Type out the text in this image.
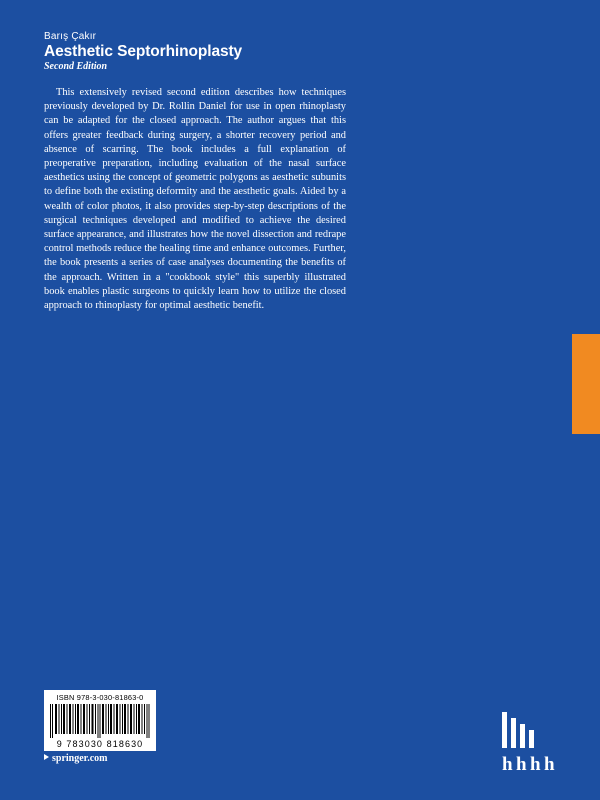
Barış Çakır
Aesthetic Septorhinoplasty
Second Edition
This extensively revised second edition describes how techniques previously developed by Dr. Rollin Daniel for use in open rhinoplasty can be adapted for the closed approach. The author argues that this offers greater feedback during surgery, a shorter recovery period and absence of scarring. The book includes a full explanation of preoperative preparation, including evaluation of the nasal surface aesthetics using the concept of geometric polygons as aesthetic subunits to define both the existing deformity and the aesthetic goals. Aided by a wealth of color photos, it also provides step-by-step descriptions of the surgical techniques developed and modified to achieve the desired surface appearance, and illustrates how the novel dissection and redrape control methods reduce the healing time and enhance outcomes. Further, the book presents a series of case analyses documenting the benefits of the approach. Written in a "cookbook style" this superbly illustrated book enables plastic surgeons to quickly learn how to utilize the closed approach to rhinoplasty for optimal aesthetic benefit.
ISBN 978-3-030-81863-0
9 783030 818630
springer.com	h h h h
